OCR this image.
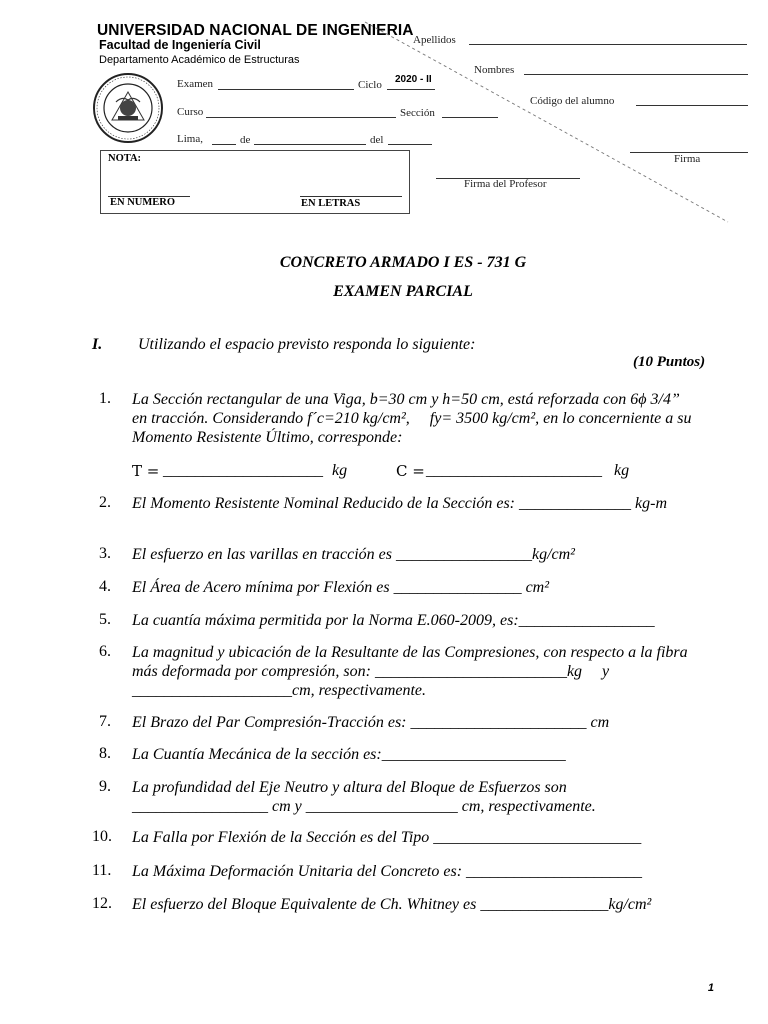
UNIVERSIDAD NACIONAL DE INGENIERIA
Facultad de Ingeniería Civil
Departamento Académico de Estructuras
Examen	Ciclo 2020 - II
Curso	Sección
Lima,	de	del
NOTA:
EN NUMERO	EN LETRAS
Apellidos
Nombres
Código del alumno
Firma
Firma del Profesor
CONCRETO ARMADO I ES - 731 G
EXAMEN PARCIAL
I. Utilizando el espacio previsto responda lo siguiente:
(10 Puntos)
1. La Sección rectangular de una Viga, b=30 cm y h=50 cm, está reforzada con 6ϕ 3/4” en tracción. Considerando f´c=210 kg/cm²,     fy= 3500 kg/cm², en lo concerniente a su Momento Resistente Último, corresponde:
T = ____________________ kg	C = ______________________ kg
2. El Momento Resistente Nominal Reducido de la Sección es: ______________ kg-m
3. El esfuerzo en las varillas en tracción es _________________kg/cm²
4. El Área de Acero mínima por Flexión es ________________ cm²
5. La cuantía máxima permitida por la Norma E.060-2009, es:_________________
6. La magnitud y ubicación de la Resultante de las Compresiones, con respecto a la fibra más deformada por compresión, son: ________________________kg     y ____________________cm, respectivamente.
7. El Brazo del Par Compresión-Tracción es: ______________________ cm
8. La Cuantía Mecánica de la sección es:_______________________
9. La profundidad del Eje Neutro y altura del Bloque de Esfuerzos son _________________ cm y ___________________ cm, respectivamente.
10. La Falla por Flexión de la Sección es del Tipo __________________________
11. La Máxima Deformación Unitaria del Concreto es: ______________________
12. El esfuerzo del Bloque Equivalente de Ch. Whitney es ________________kg/cm²
1
